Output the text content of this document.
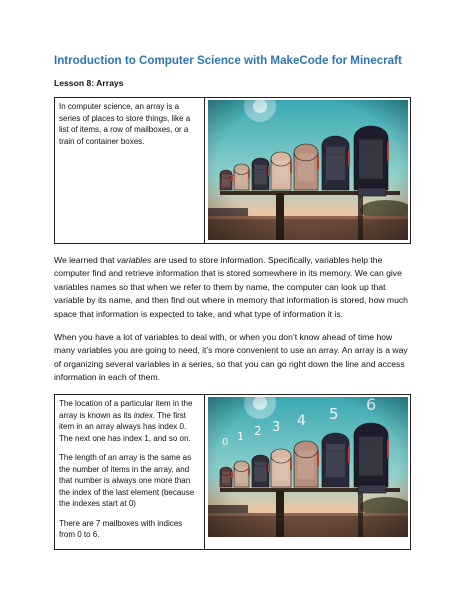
Introduction to Computer Science with MakeCode for Minecraft
Lesson 8: Arrays

In computer science, an array is a series of places to store things, like a list of items, a row of mailboxes, or a train of container boxes.

We learned that variables are used to store information. Specifically, variables help the computer find and retrieve information that is stored somewhere in its memory. We can give variables names so that when we refer to them by name, the computer can look up that variable by its name, and then find out where in memory that information is stored, how much space that information is expected to take, and what type of information it is.

When you have a lot of variables to deal with, or when you don’t know ahead of time how many variables you are going to need, it’s more convenient to use an array. An array is a way of organizing several variables in a series, so that you can go right down the line and access information in each of them.

The location of a particular item in the array is known as its index. The first item in an array always has index 0. The next one has index 1, and so on.

The length of an array is the same as the number of items in the array, and that number is always one more than the index of the last element (because the indexes start at 0)

There are 7 mailboxes with indices from 0 to 6.
